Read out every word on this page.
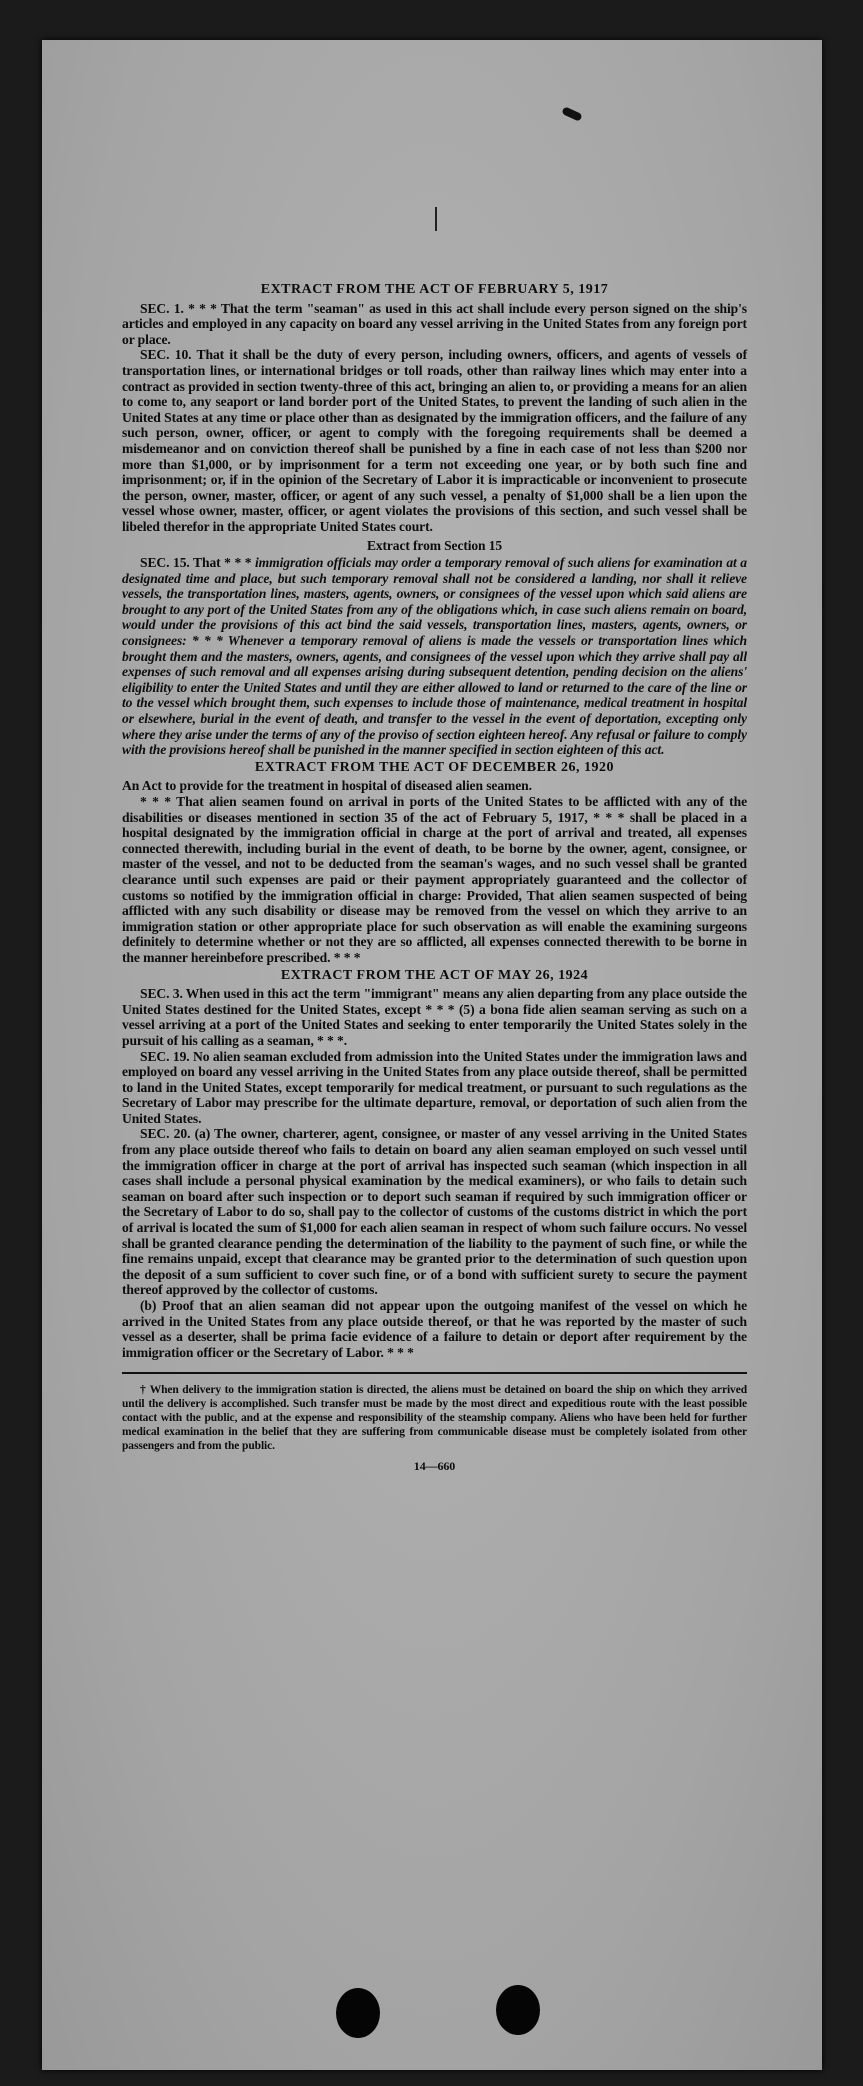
EXTRACT FROM THE ACT OF FEBRUARY 5, 1917

SEC. 1. * * * That the term "seaman" as used in this act shall include every person signed on the ship's articles and employed in any capacity on board any vessel arriving in the United States from any foreign port or place.

SEC. 10. That it shall be the duty of every person, including owners, officers, and agents of vessels of transportation lines, or international bridges or toll roads, other than railway lines which may enter into a contract as provided in section twenty-three of this act, bringing an alien to, or providing a means for an alien to come to, any seaport or land border port of the United States, to prevent the landing of such alien in the United States at any time or place other than as designated by the immigration officers, and the failure of any such person, owner, officer, or agent to comply with the foregoing requirements shall be deemed a misdemeanor and on conviction thereof shall be punished by a fine in each case of not less than $200 nor more than $1,000, or by imprisonment for a term not exceeding one year, or by both such fine and imprisonment; or, if in the opinion of the Secretary of Labor it is impracticable or inconvenient to prosecute the person, owner, master, officer, or agent of any such vessel, a penalty of $1,000 shall be a lien upon the vessel whose owner, master, officer, or agent violates the provisions of this section, and such vessel shall be libeled therefor in the appropriate United States court.

Extract from Section 15

SEC. 15. That * * * immigration officials may order a temporary removal of such aliens for examination at a designated time and place, but such temporary removal shall not be considered a landing, nor shall it relieve vessels, the transportation lines, masters, agents, owners, or consignees of the vessel upon which said aliens are brought to any port of the United States from any of the obligations which, in case such aliens remain on board, would under the provisions of this act bind the said vessels, transportation lines, masters, agents, owners, or consignees: * * * Whenever a temporary removal of aliens is made the vessels or transportation lines which brought them and the masters, owners, agents, and consignees of the vessel upon which they arrive shall pay all expenses of such removal and all expenses arising during subsequent detention, pending decision on the aliens' eligibility to enter the United States and until they are either allowed to land or returned to the care of the line or to the vessel which brought them, such expenses to include those of maintenance, medical treatment in hospital or elsewhere, burial in the event of death, and transfer to the vessel in the event of deportation, excepting only where they arise under the terms of any of the proviso of section eighteen hereof. Any refusal or failure to comply with the provisions hereof shall be punished in the manner specified in section eighteen of this act.

EXTRACT FROM THE ACT OF DECEMBER 26, 1920

An Act to provide for the treatment in hospital of diseased alien seamen.

* * * That alien seamen found on arrival in ports of the United States to be afflicted with any of the disabilities or diseases mentioned in section 35 of the act of February 5, 1917, * * * shall be placed in a hospital designated by the immigration official in charge at the port of arrival and treated, all expenses connected therewith, including burial in the event of death, to be borne by the owner, agent, consignee, or master of the vessel, and not to be deducted from the seaman's wages, and no such vessel shall be granted clearance until such expenses are paid or their payment appropriately guaranteed and the collector of customs so notified by the immigration official in charge: Provided, That alien seamen suspected of being afflicted with any such disability or disease may be removed from the vessel on which they arrive to an immigration station or other appropriate place for such observation as will enable the examining surgeons definitely to determine whether or not they are so afflicted, all expenses connected therewith to be borne in the manner hereinbefore prescribed. * * *

EXTRACT FROM THE ACT OF MAY 26, 1924

SEC. 3. When used in this act the term "immigrant" means any alien departing from any place outside the United States destined for the United States, except * * * (5) a bona fide alien seaman serving as such on a vessel arriving at a port of the United States and seeking to enter temporarily the United States solely in the pursuit of his calling as a seaman, * * *.

SEC. 19. No alien seaman excluded from admission into the United States under the immigration laws and employed on board any vessel arriving in the United States from any place outside thereof, shall be permitted to land in the United States, except temporarily for medical treatment, or pursuant to such regulations as the Secretary of Labor may prescribe for the ultimate departure, removal, or deportation of such alien from the United States.

SEC. 20. (a) The owner, charterer, agent, consignee, or master of any vessel arriving in the United States from any place outside thereof who fails to detain on board any alien seaman employed on such vessel until the immigration officer in charge at the port of arrival has inspected such seaman (which inspection in all cases shall include a personal physical examination by the medical examiners), or who fails to detain such seaman on board after such inspection or to deport such seaman if required by such immigration officer or the Secretary of Labor to do so, shall pay to the collector of customs of the customs district in which the port of arrival is located the sum of $1,000 for each alien seaman in respect of whom such failure occurs. No vessel shall be granted clearance pending the determination of the liability to the payment of such fine, or while the fine remains unpaid, except that clearance may be granted prior to the determination of such question upon the deposit of a sum sufficient to cover such fine, or of a bond with sufficient surety to secure the payment thereof approved by the collector of customs.

(b) Proof that an alien seaman did not appear upon the outgoing manifest of the vessel on which he arrived in the United States from any place outside thereof, or that he was reported by the master of such vessel as a deserter, shall be prima facie evidence of a failure to detain or deport after requirement by the immigration officer or the Secretary of Labor. * * *

† When delivery to the immigration station is directed, the aliens must be detained on board the ship on which they arrived until the delivery is accomplished. Such transfer must be made by the most direct and expeditious route with the least possible contact with the public, and at the expense and responsibility of the steamship company. Aliens who have been held for further medical examination in the belief that they are suffering from communicable disease must be completely isolated from other passengers and from the public.

14—660
